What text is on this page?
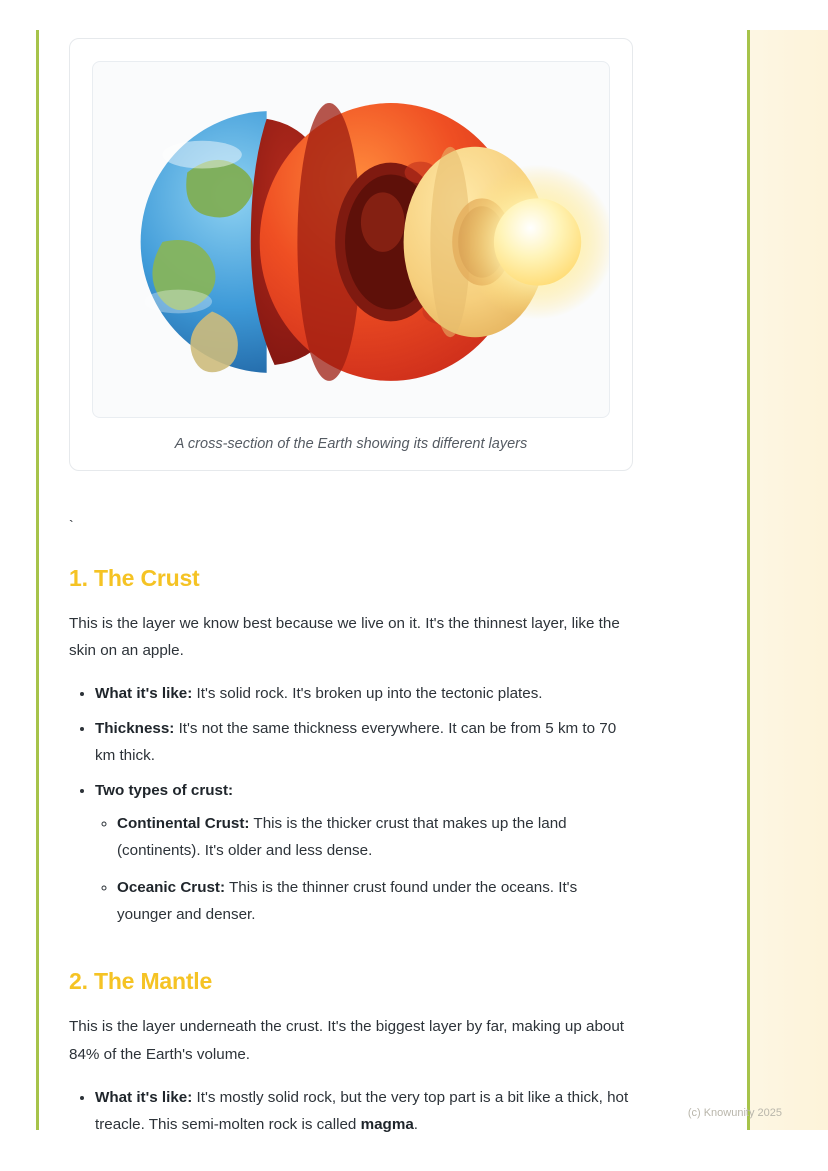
A cross-section of the Earth showing its different layers
`
1. The Crust

This is the layer we know best because we live on it. It's the thinnest layer, like the skin on an apple.

• What it's like: It's solid rock. It's broken up into the tectonic plates.
• Thickness: It's not the same thickness everywhere. It can be from 5 km to 70 km thick.
• Two types of crust:
◦ Continental Crust: This is the thicker crust that makes up the land (continents). It's older and less dense.
◦ Oceanic Crust: This is the thinner crust found under the oceans. It's younger and denser.
2. The Mantle

This is the layer underneath the crust. It's the biggest layer by far, making up about 84% of the Earth's volume.

• What it's like: It's mostly solid rock, but the very top part is a bit like a thick, hot treacle. This semi-molten rock is called magma.
(c) Knowunity 2025
